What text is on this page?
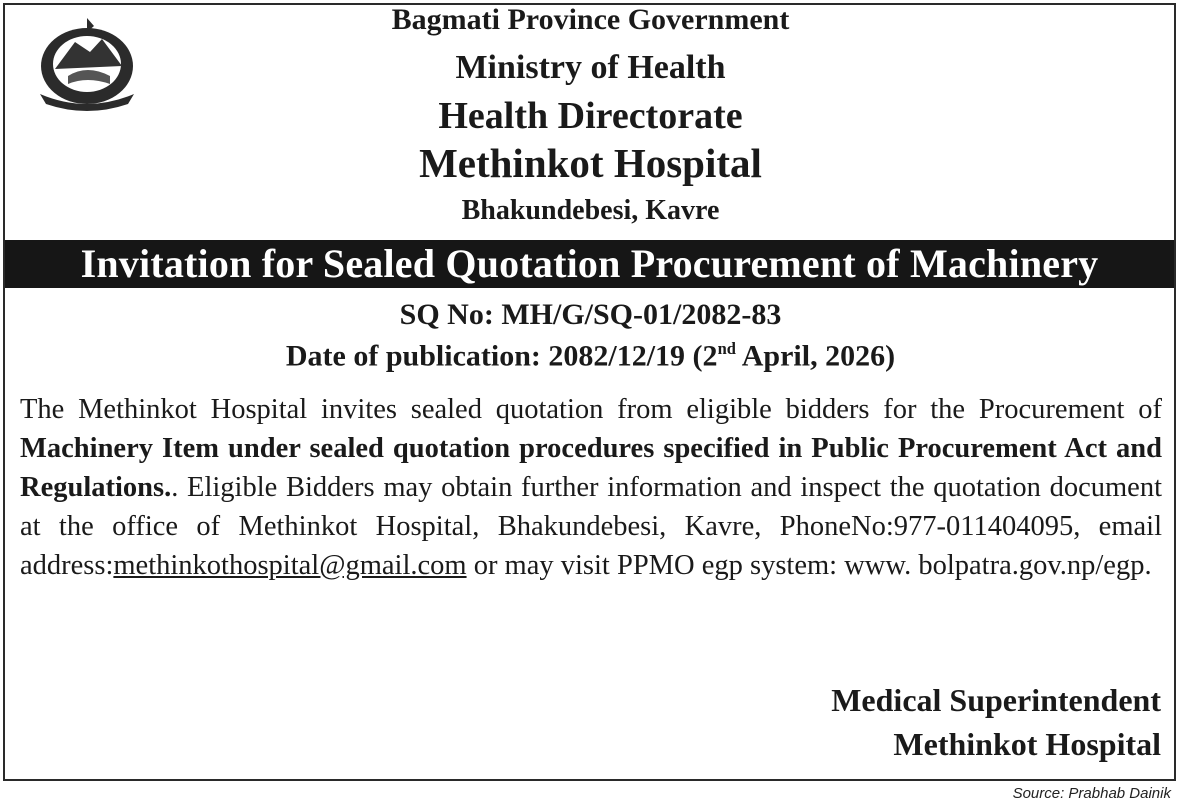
Bagmati Province Government
Ministry of Health
Health Directorate
Methinkot Hospital
Bhakundebesi, Kavre
Invitation for Sealed Quotation Procurement of Machinery
SQ No: MH/G/SQ-01/2082-83
Date of publication: 2082/12/19 (2nd April, 2026)
The Methinkot Hospital invites sealed quotation from eligible bidders for the Procurement of Machinery Item under sealed quotation procedures specified in Public Procurement Act and Regulations.. Eligible Bidders may obtain further information and inspect the quotation document at the office of Methinkot Hospital, Bhakundebesi, Kavre, PhoneNo:977-011404095, email address:methinkothospital@gmail.com or may visit PPMO egp system: www. bolpatra.gov.np/egp.
Medical Superintendent
Methinkot Hospital
Source: Prabhab Dainik
